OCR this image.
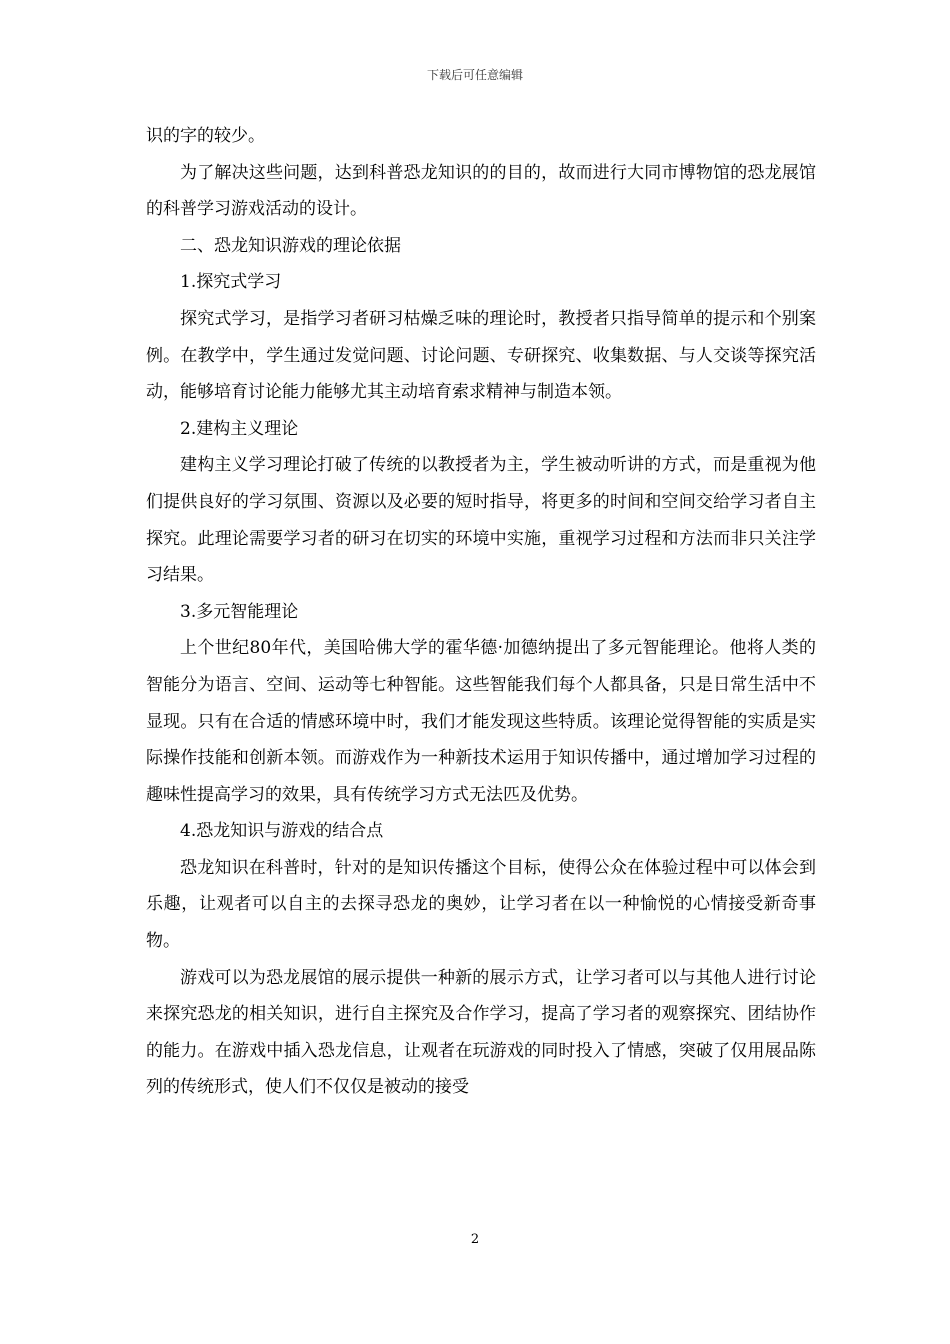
下载后可任意编辑

识的字的较少。

为了解决这些问题，达到科普恐龙知识的的目的，故而进行大同市博物馆的恐龙展馆的科普学习游戏活动的设计。

二、恐龙知识游戏的理论依据

1.探究式学习

探究式学习，是指学习者研习枯燥乏味的理论时，教授者只指导简单的提示和个别案例。在教学中，学生通过发觉问题、讨论问题、专研探究、收集数据、与人交谈等探究活动，能够培育讨论能力能够尤其主动培育索求精神与制造本领。

2.建构主义理论

建构主义学习理论打破了传统的以教授者为主，学生被动听讲的方式，而是重视为他们提供良好的学习氛围、资源以及必要的短时指导，将更多的时间和空间交给学习者自主探究。此理论需要学习者的研习在切实的环境中实施，重视学习过程和方法而非只关注学习结果。

3.多元智能理论

上个世纪80年代，美国哈佛大学的霍华德·加德纳提出了多元智能理论。他将人类的智能分为语言、空间、运动等七种智能。这些智能我们每个人都具备，只是日常生活中不显现。只有在合适的情感环境中时，我们才能发现这些特质。该理论觉得智能的实质是实际操作技能和创新本领。而游戏作为一种新技术运用于知识传播中，通过增加学习过程的趣味性提高学习的效果，具有传统学习方式无法匹及优势。

4.恐龙知识与游戏的结合点

恐龙知识在科普时，针对的是知识传播这个目标，使得公众在体验过程中可以体会到乐趣，让观者可以自主的去探寻恐龙的奥妙，让学习者在以一种愉悦的心情接受新奇事物。

游戏可以为恐龙展馆的展示提供一种新的展示方式，让学习者可以与其他人进行讨论来探究恐龙的相关知识，进行自主探究及合作学习，提高了学习者的观察探究、团结协作的能力。在游戏中插入恐龙信息，让观者在玩游戏的同时投入了情感，突破了仅用展品陈列的传统形式，使人们不仅仅是被动的接受

2
